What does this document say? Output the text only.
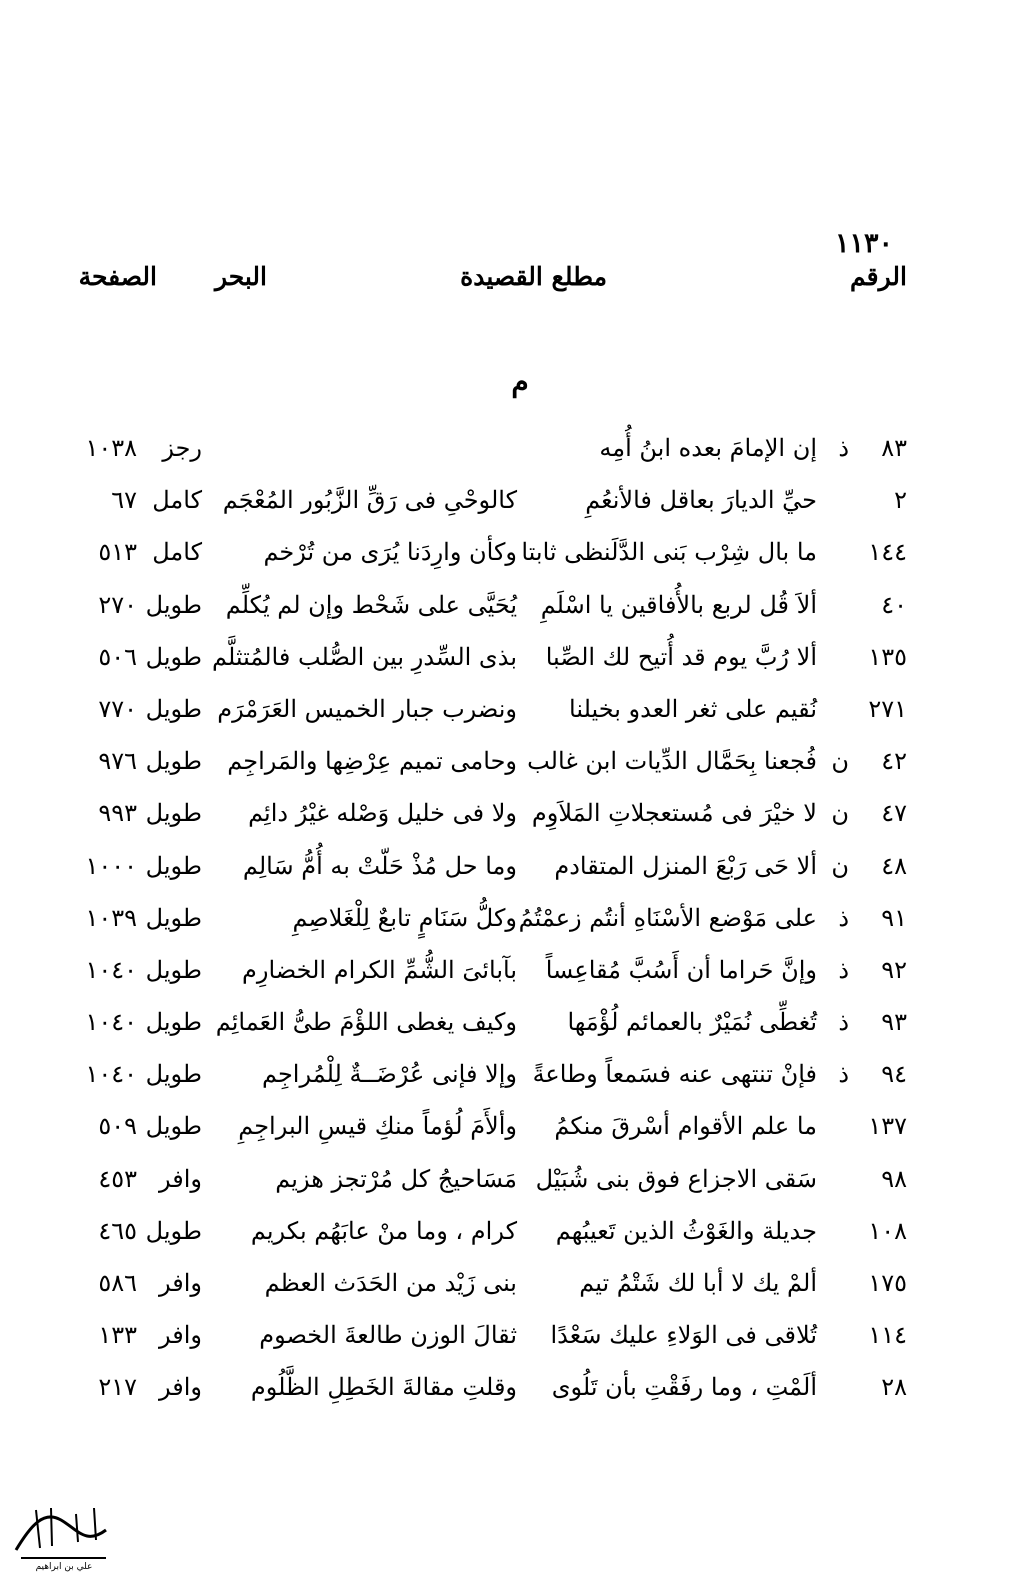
١١٣٠
الرقم
مطلع القصيدة
البحر
الصفحة
م
٨٣
ذ
إن الإمامَ بعده ابنُ أُمِه
رجز
١٠٣٨
٢
حيِّ الديارَ بعاقل فالأنعُمِ
كالوحْىِ فى رَقِّ الزَّبُور المُعْجَم
كامل
٦٧
١٤٤
ما بال شِرْب بَنى الدَّلَنظى ثابتا
وكأن وارِدَنا يُرَى من تُرْخم
كامل
٥١٣
٤٠
ألاَ قُل لربع بالأُفاقين يا اسْلَمِ
يُحَيَّى على شَحْط وإن لم يُكلِّم
طويل
٢٧٠
١٣٥
ألا رُبَّ يوم قد أُتيح لك الصِّبا
بذى السِّدرِ بين الصُّلب فالمُتثلَّم
طويل
٥٠٦
٢٧١
نُقيم على ثغر العدو بخيلنا
ونضرب جبار الخميس العَرَمْرَم
طويل
٧٧٠
٤٢
ن
فُجعنا بِحَمَّال الدِّيات ابن غالب
وحامى تميم عِرْضِها والمَراجِم
طويل
٩٧٦
٤٧
ن
لا خيْرَ فى مُستعجلاتِ المَلاَوِم
ولا فى خليل وَصْله غيْرُ دائِم
طويل
٩٩٣
٤٨
ن
ألا حَى رَبْعَ المنزل المتقادم
وما حل مُذْ حَلّتْ به أُمُّ سَالِم
طويل
١٠٠٠
٩١
ذ
على مَوْضع الأسْنَاهِ أنتُم زعمْتُمُ
وكلُّ سَنَامٍ تابعٌ لِلْغَلاصِمِ
طويل
١٠٣٩
٩٢
ذ
وإنَّ حَراما أن أَسُبَّ مُقاعِساً
بآبائىَ الشُّمِّ الكرام الخضارِم
طويل
١٠٤٠
٩٣
ذ
تُغطِّى نُمَيْرٌ بالعمائم لُؤْمَها
وكيف يغطى اللؤْمَ طىُّ العَمائِم
طويل
١٠٤٠
٩٤
ذ
فإنْ تنتهى عنه فسَمعاً وطاعةً
وإلا فإنى عُرْضَــةٌ لِلْمُراجِم
طويل
١٠٤٠
١٣٧
ما علم الأقوام أسْرقَ منكمُ
وألأَمَ لُؤماً منكِ قيسِ البراجِمِ
طويل
٥٠٩
٩٨
سَقى الاجزاع فوق بنى شُبَيْل
مَسَاحيجُ كل مُرْتجز هزيم
وافر
٤٥٣
١٠٨
جديلة والغَوْثُ الذين تَعيبُهم
كرام ، وما منْ عابَهُم بكريم
طويل
٤٦٥
١٧٥
ألمْ يك لا أبا لك شَتْمُ تيم
بنى زَيْد من الحَدَث العظم
وافر
٥٨٦
١١٤
تُلاقى فى الوَلاءِ عليك سَعْدًا
ثقالَ الوزن طالعةَ الخصوم
وافر
١٣٣
٢٨
ألَمْتِ ، وما رفَقْتِ بأن تَلُوى
وقلتِ مقالةَ الخَطِلِ الظَّلُوم
وافر
٢١٧
علي بن ابراهيم
